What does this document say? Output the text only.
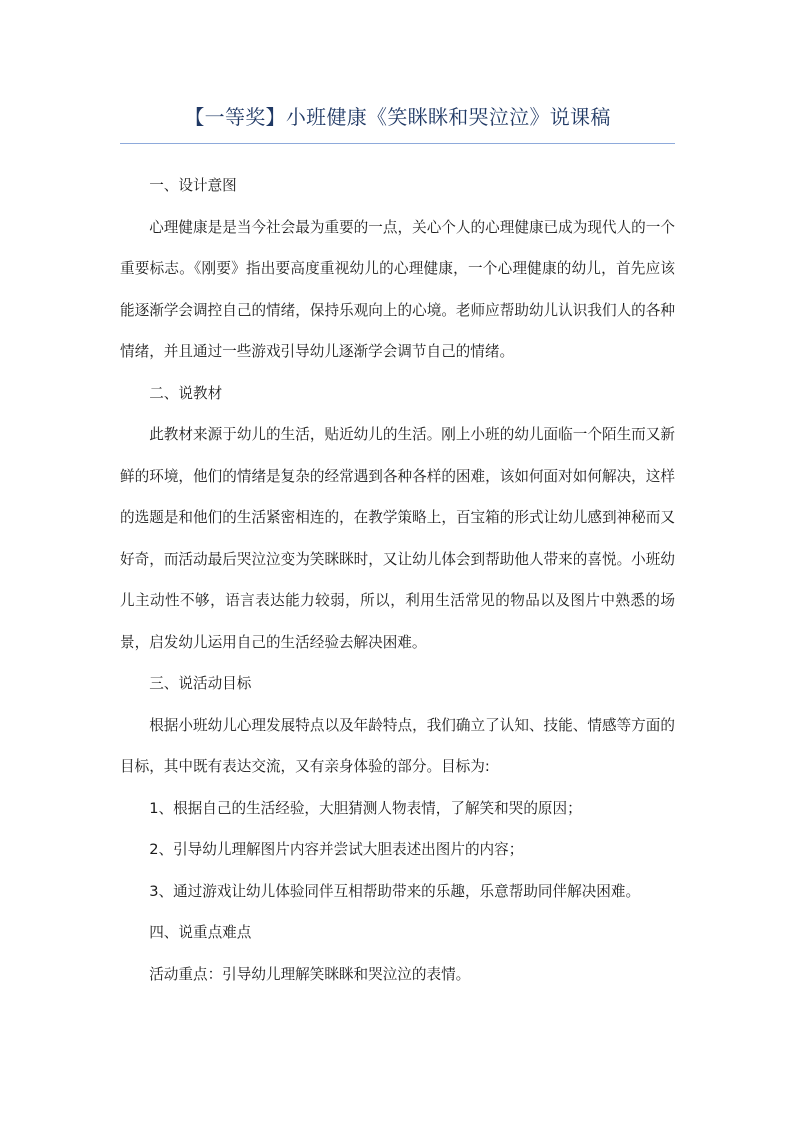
【一等奖】小班健康《笑眯眯和哭泣泣》说课稿

一、设计意图

心理健康是是当今社会最为重要的一点，关心个人的心理健康已成为现代人的一个重要标志。《刚要》指出要高度重视幼儿的心理健康，一个心理健康的幼儿，首先应该能逐渐学会调控自己的情绪，保持乐观向上的心境。老师应帮助幼儿认识我们人的各种情绪，并且通过一些游戏引导幼儿逐渐学会调节自己的情绪。

二、说教材

此教材来源于幼儿的生活，贴近幼儿的生活。刚上小班的幼儿面临一个陌生而又新鲜的环境，他们的情绪是复杂的经常遇到各种各样的困难，该如何面对如何解决，这样的选题是和他们的生活紧密相连的，在教学策略上，百宝箱的形式让幼儿感到神秘而又好奇，而活动最后哭泣泣变为笑眯眯时，又让幼儿体会到帮助他人带来的喜悦。小班幼儿主动性不够，语言表达能力较弱，所以，利用生活常见的物品以及图片中熟悉的场景，启发幼儿运用自己的生活经验去解决困难。

三、说活动目标

根据小班幼儿心理发展特点以及年龄特点，我们确立了认知、技能、情感等方面的目标，其中既有表达交流，又有亲身体验的部分。目标为:

1、根据自己的生活经验，大胆猜测人物表情，了解笑和哭的原因；

2、引导幼儿理解图片内容并尝试大胆表述出图片的内容；

3、通过游戏让幼儿体验同伴互相帮助带来的乐趣，乐意帮助同伴解决困难。

四、说重点难点

活动重点：引导幼儿理解笑眯眯和哭泣泣的表情。
